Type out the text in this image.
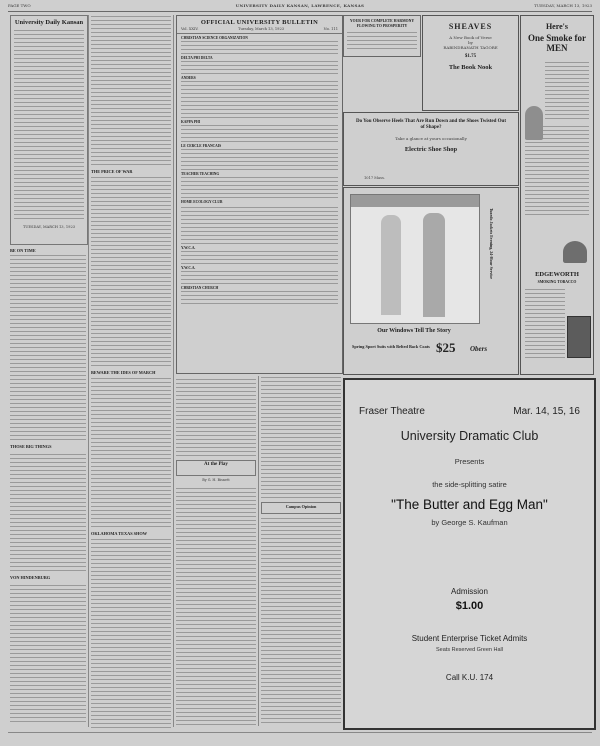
PAGE TWO	UNIVERSITY DAILY KANSAN, LAWRENCE, KANSAS	TUESDAY, MARCH 13, 1923
University Daily Kansan
TUESDAY, MARCH 13, 1923
BE ON TIME
THOSE BIG THINGS
VON HINDENBURG
THE PRICE OF WAR
BEWARE THE IDES OF MARCH
OKLAHOMA TEXAS SHOW
OFFICIAL UNIVERSITY BULLETIN
Vol. XXIV.	Tuesday, March 13, 1923	No. 111
CHRISTIAN SCIENCE ORGANIZATION
DELTA PHI DELTA
ANDERS
KAPPA PHI
LE CERCLE FRANCAIS
TEACHER TEACHING
HOME ECOLOGY CLUB
Y.W.C.A.
Y.W.C.A.
CHRISTIAN CHURCH
At the Play
By G. H. Bisnett
Campus Opinion
YOUR FOR COMPLETE HARMONY FLOWING TO PROSPERITY	SHEAVES
A New Book of Verse
by
RABINDRANATH TAGORE
$1.75
The Book Nook
Here's
One Smoke for MEN
EDGEWORTH
SMOKING TOBACCO
Do You Observe Heels That Are Run Down and the Shoes Twisted Out of Shape?
Take a glance at yours occasionally
Electric Shoe Shop
1017 Mass.
Tuxedo Jackets Evening, 24-Hour Service
Our Windows Tell The Story
Spring Sport Suits with Belted Back Coats $25 Obers
Fraser Theatre	Mar. 14, 15, 16
University Dramatic Club
Presents
the side-splitting satire
"The Butter and Egg Man"
by George S. Kaufman
Admission
$1.00
Student Enterprise Ticket Admits
Seats Reserved Green Hall
Call K.U. 174
